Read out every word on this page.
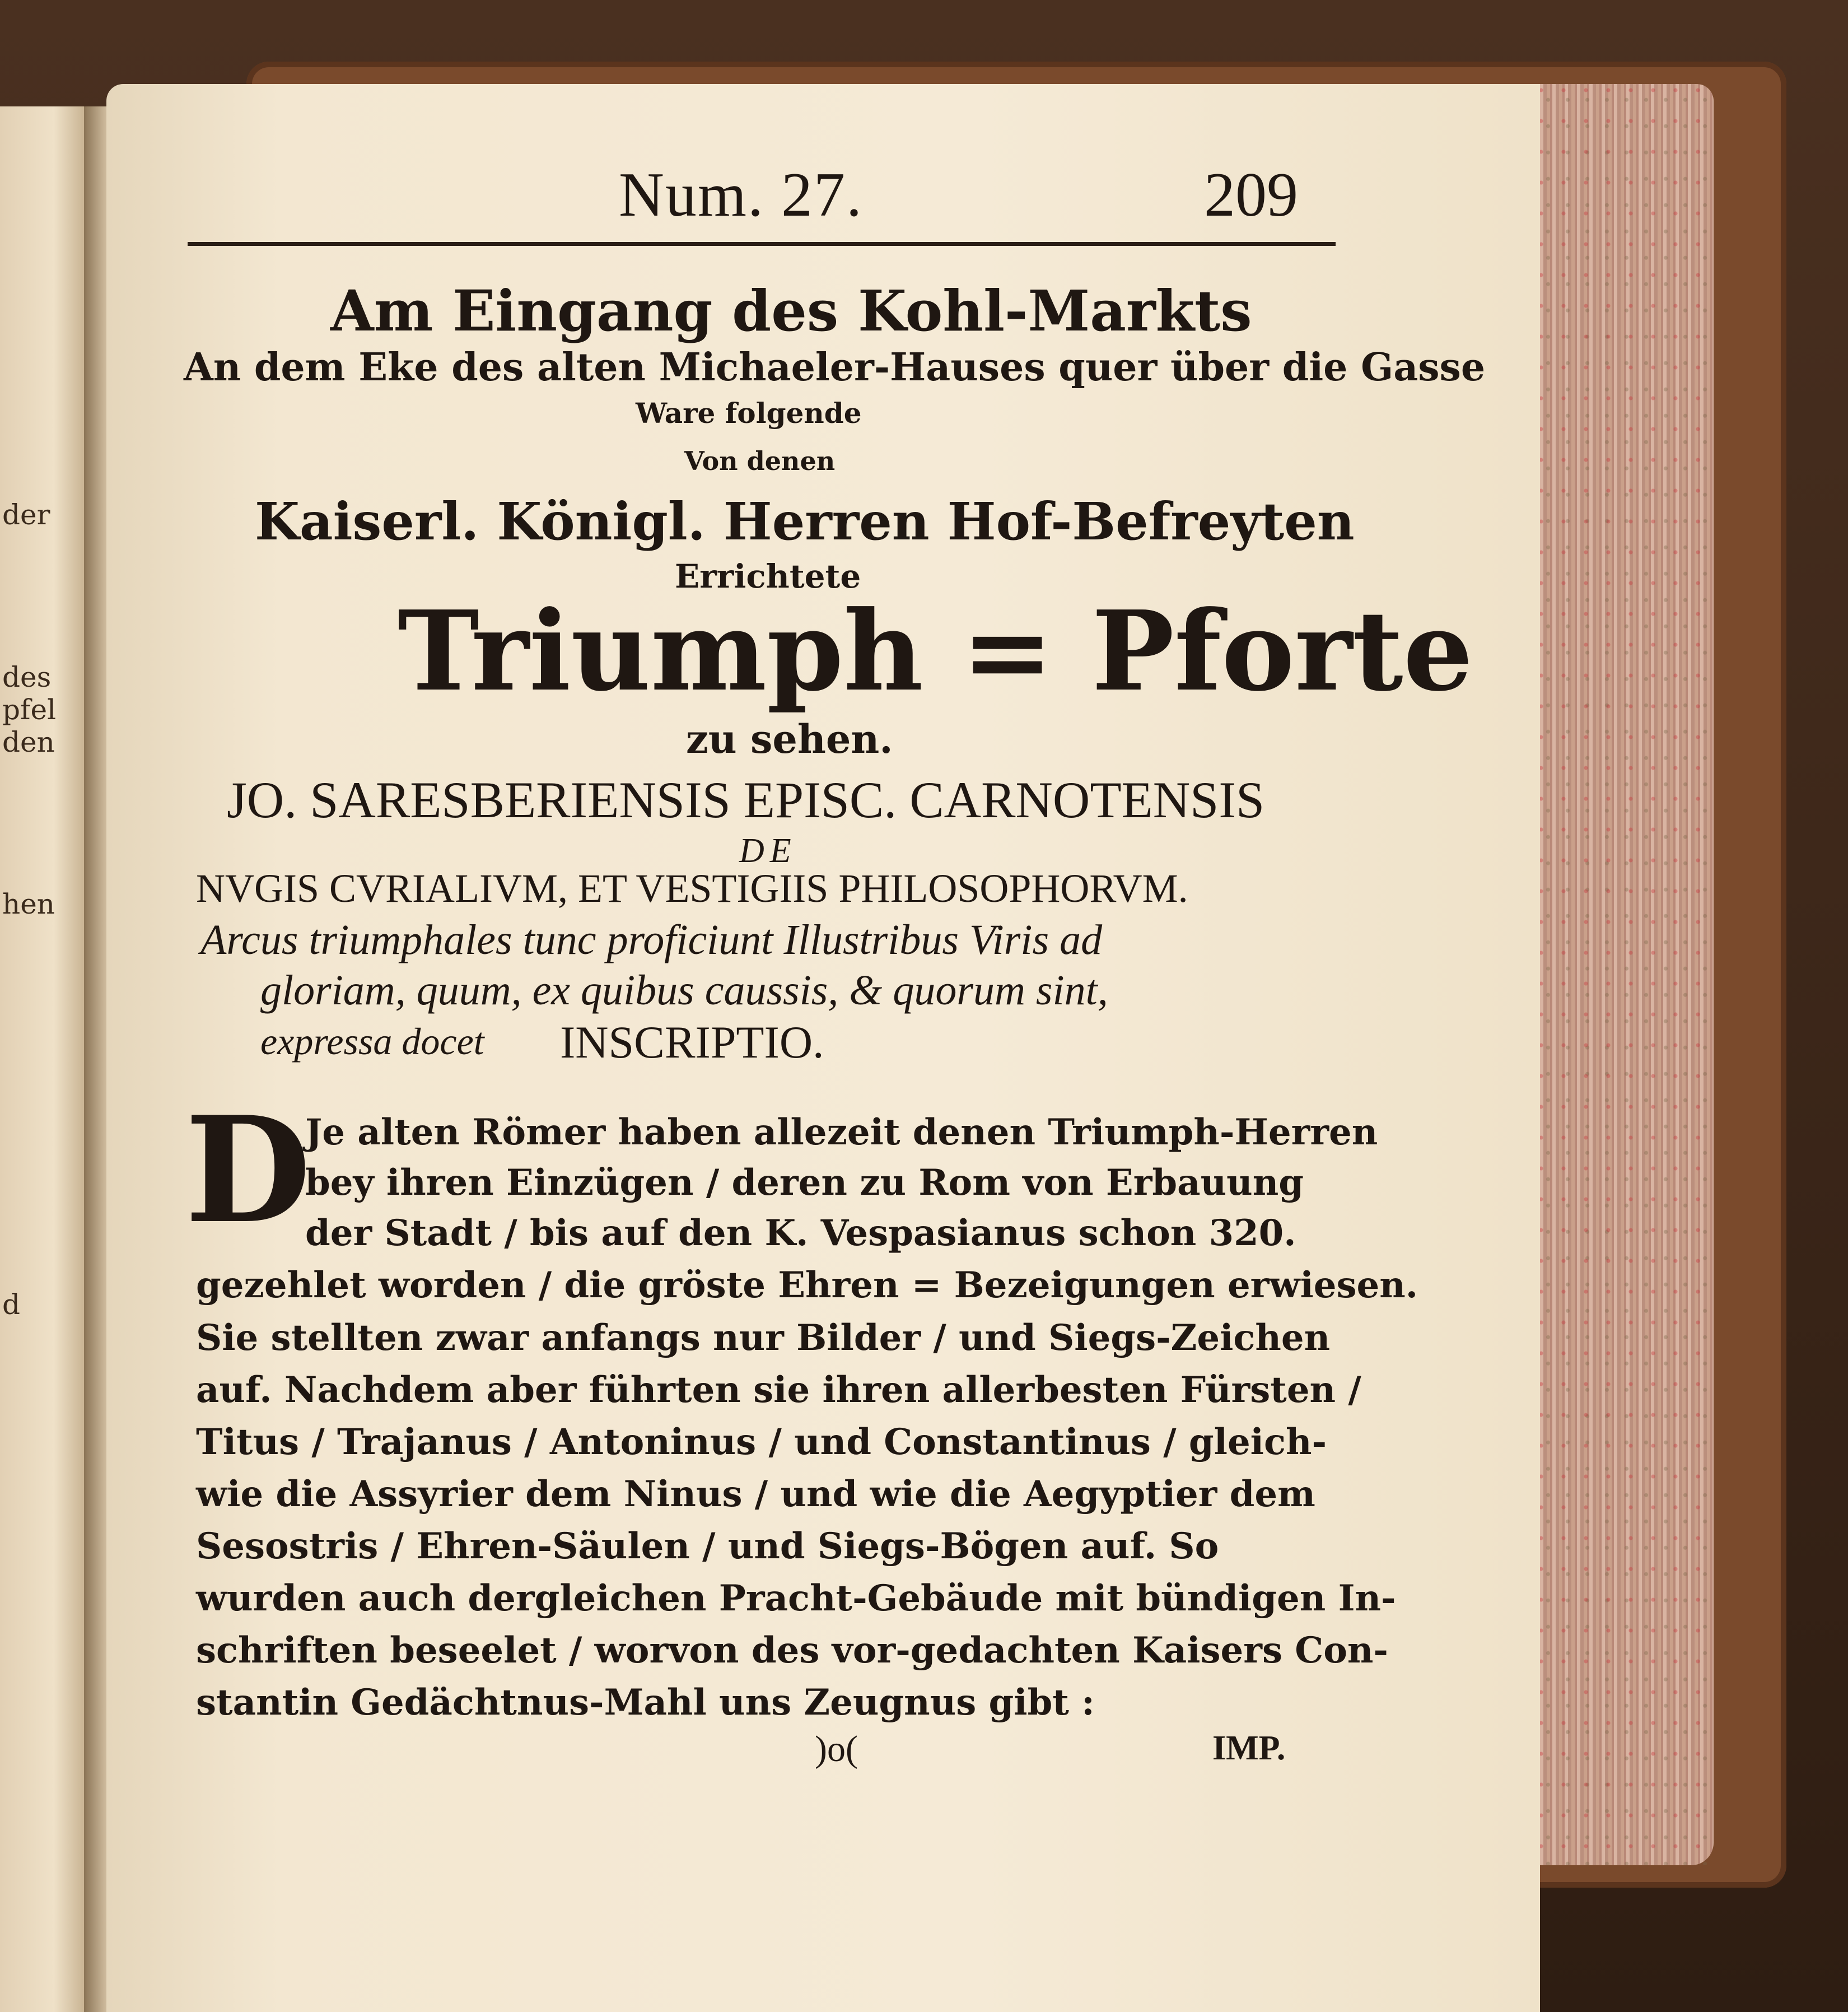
der
des
pfel
den
hen
d
Num. 27.	209
Am Eingang des Kohl-Markts
An dem Eke des alten Michaeler-Hauses quer über die Gasse
Ware folgende
Von denen
Kaiserl. Königl. Herren Hof-Befreyten
Errichtete
Triumph = Pforte
zu sehen.
JO. SARESBERIENSIS EPISC. CARNOTENSIS
DE
NVGIS CVRIALIVM, ET VESTIGIIS PHILOSOPHORVM.
Arcus triumphales tunc proficiunt Illustribus Viris ad
gloriam, quum, ex quibus caussis, & quorum sint,
expressa docet INSCRIPTIO.
D
Je alten Römer haben allezeit denen Triumph-Herren
bey ihren Einzügen / deren zu Rom von Erbauung
der Stadt / bis auf den K. Vespasianus schon 320.
gezehlet worden / die gröste Ehren = Bezeigungen erwiesen.
Sie stellten zwar anfangs nur Bilder / und Siegs-Zeichen
auf. Nachdem aber führten sie ihren allerbesten Fürsten /
Titus / Trajanus / Antoninus / und Constantinus / gleich-
wie die Assyrier dem Ninus / und wie die Aegyptier dem
Sesostris / Ehren-Säulen / und Siegs-Bögen auf. So
wurden auch dergleichen Pracht-Gebäude mit bündigen In-
schriften beseelet / worvon des vor-gedachten Kaisers Con-
stantin Gedächtnus-Mahl uns Zeugnus gibt :
)o(	IMP.
